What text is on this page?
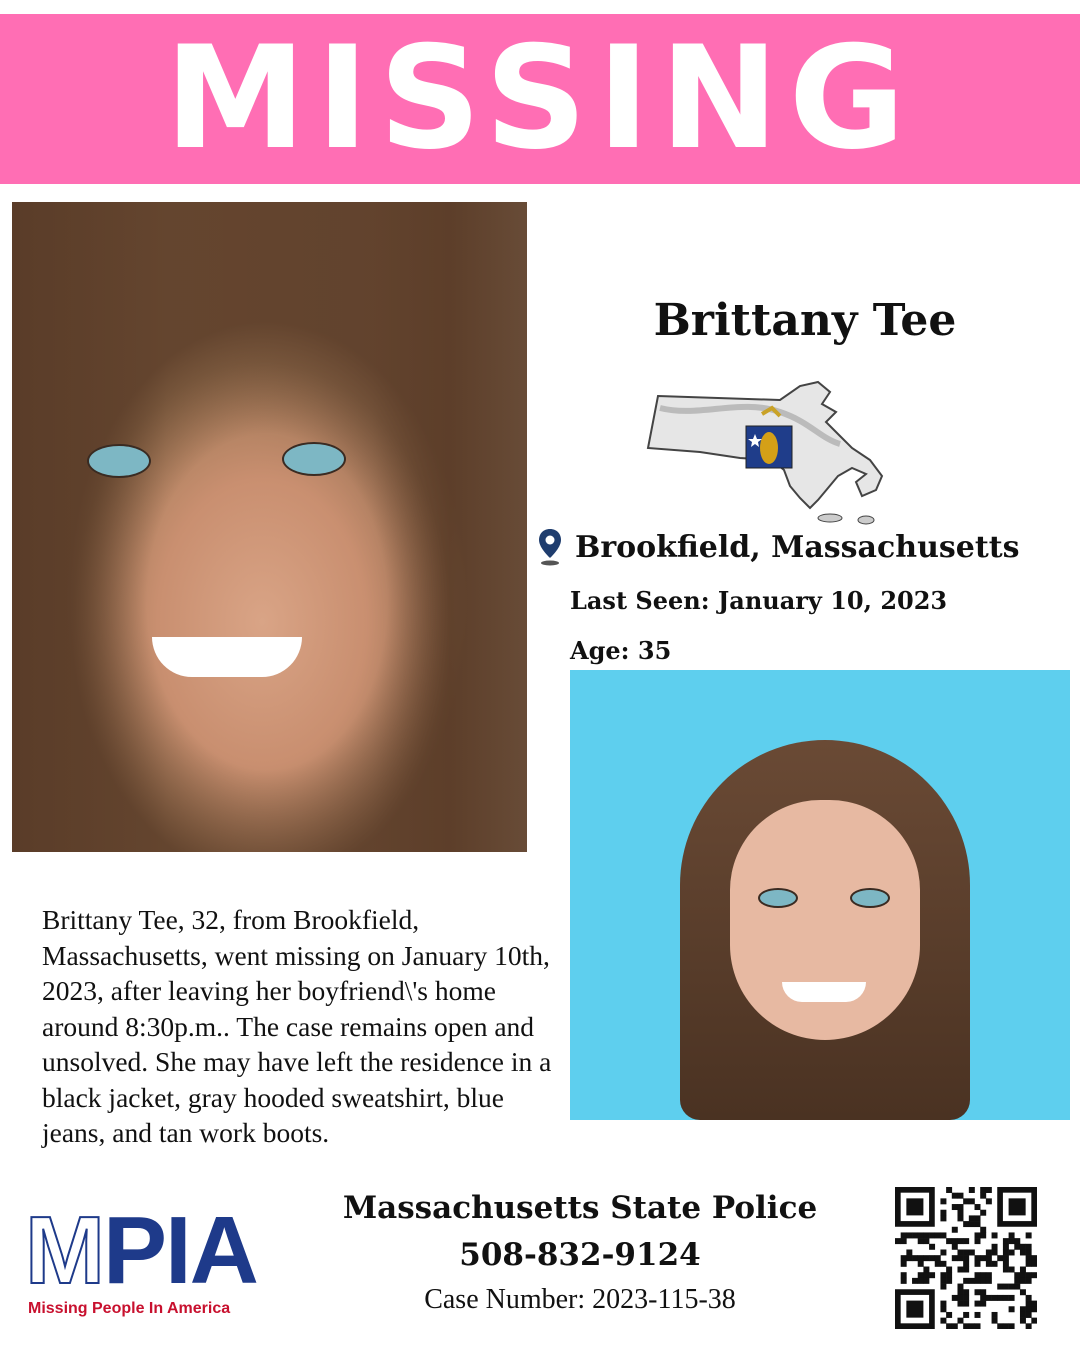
MISSING
Brittany Tee
Brookfield, Massachusetts
Last Seen: January 10, 2023
Age: 35
Brittany Tee, 32, from Brookfield, Massachusetts, went missing on January 10th, 2023, after leaving her boyfriend\'s home around 8:30p.m.. The case remains open and unsolved. She may have left the residence in a black jacket, gray hooded sweatshirt, blue jeans, and tan work boots.
MPIA
Missing People In America
Massachusetts State Police
508-832-9124
Case Number: 2023-115-38
